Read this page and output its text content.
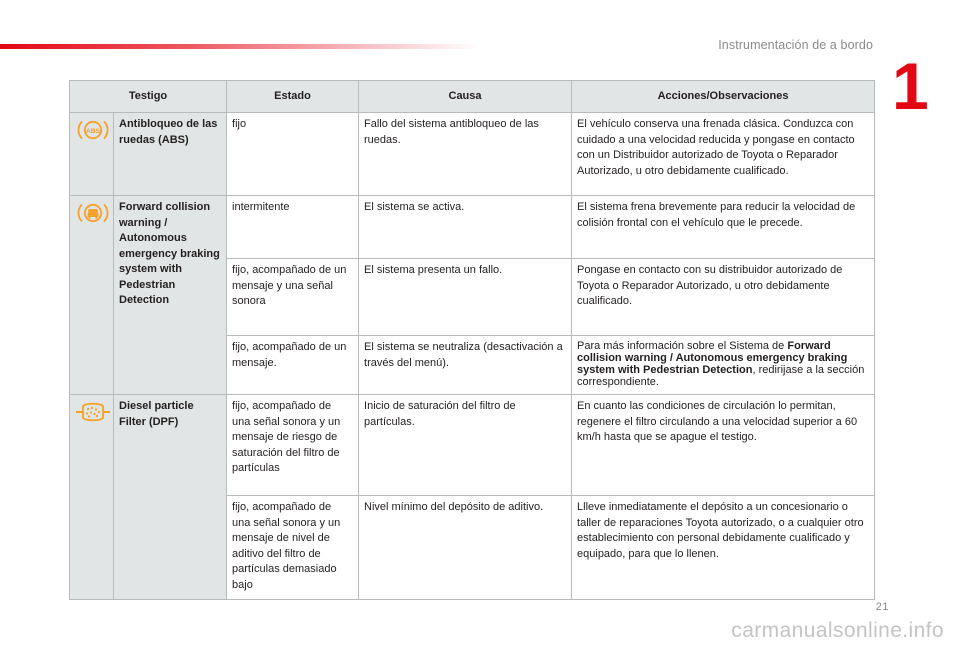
Instrumentación de a bordo
1
Testigo		Estado	Causa	Acciones/Observaciones

ABS	Antibloqueo de las ruedas (ABS)	fijo	Fallo del sistema antibloqueo de las ruedas.	El vehículo conserva una frenada clásica. Conduzca con cuidado a una velocidad reducida y pongase en contacto con un Distribuidor autorizado de Toyota o Reparador Autorizado, u otro debidamente cualificado.
	Forward collision warning / Autonomous emergency braking system with Pedestrian Detection	intermitente	El sistema se activa.	El sistema frena brevemente para reducir la velocidad de colisión frontal con el vehículo que le precede.
		fijo, acompañado de un mensaje y una señal sonora	El sistema presenta un fallo.	Pongase en contacto con su distribuidor autorizado de Toyota o Reparador Autorizado, u otro debidamente cualificado.
		fijo, acompañado de un mensaje.	El sistema se neutraliza (desactivación a través del menú).	Para más información sobre el Sistema de Forward collision warning / Autonomous emergency braking system with Pedestrian Detection, redirijase a la sección correspondiente.
	Diesel particle Filter (DPF)	fijo, acompañado de una señal sonora y un mensaje de riesgo de saturación del filtro de partículas	Inicio de saturación del filtro de partículas.	En cuanto las condiciones de circulación lo permitan, regenere el filtro circulando a una velocidad superior a 60 km/h hasta que se apague el testigo.
		fijo, acompañado de una señal sonora y un mensaje de nivel de aditivo del filtro de partículas demasiado bajo	Nivel mínimo del depósito de aditivo.	Llleve inmediatamente el depósito a un concesionario o taller de reparaciones Toyota autorizado, o a cualquier otro establecimiento con personal debidamente cualificado y equipado, para que lo llenen.
21
carmanualsonline.info
